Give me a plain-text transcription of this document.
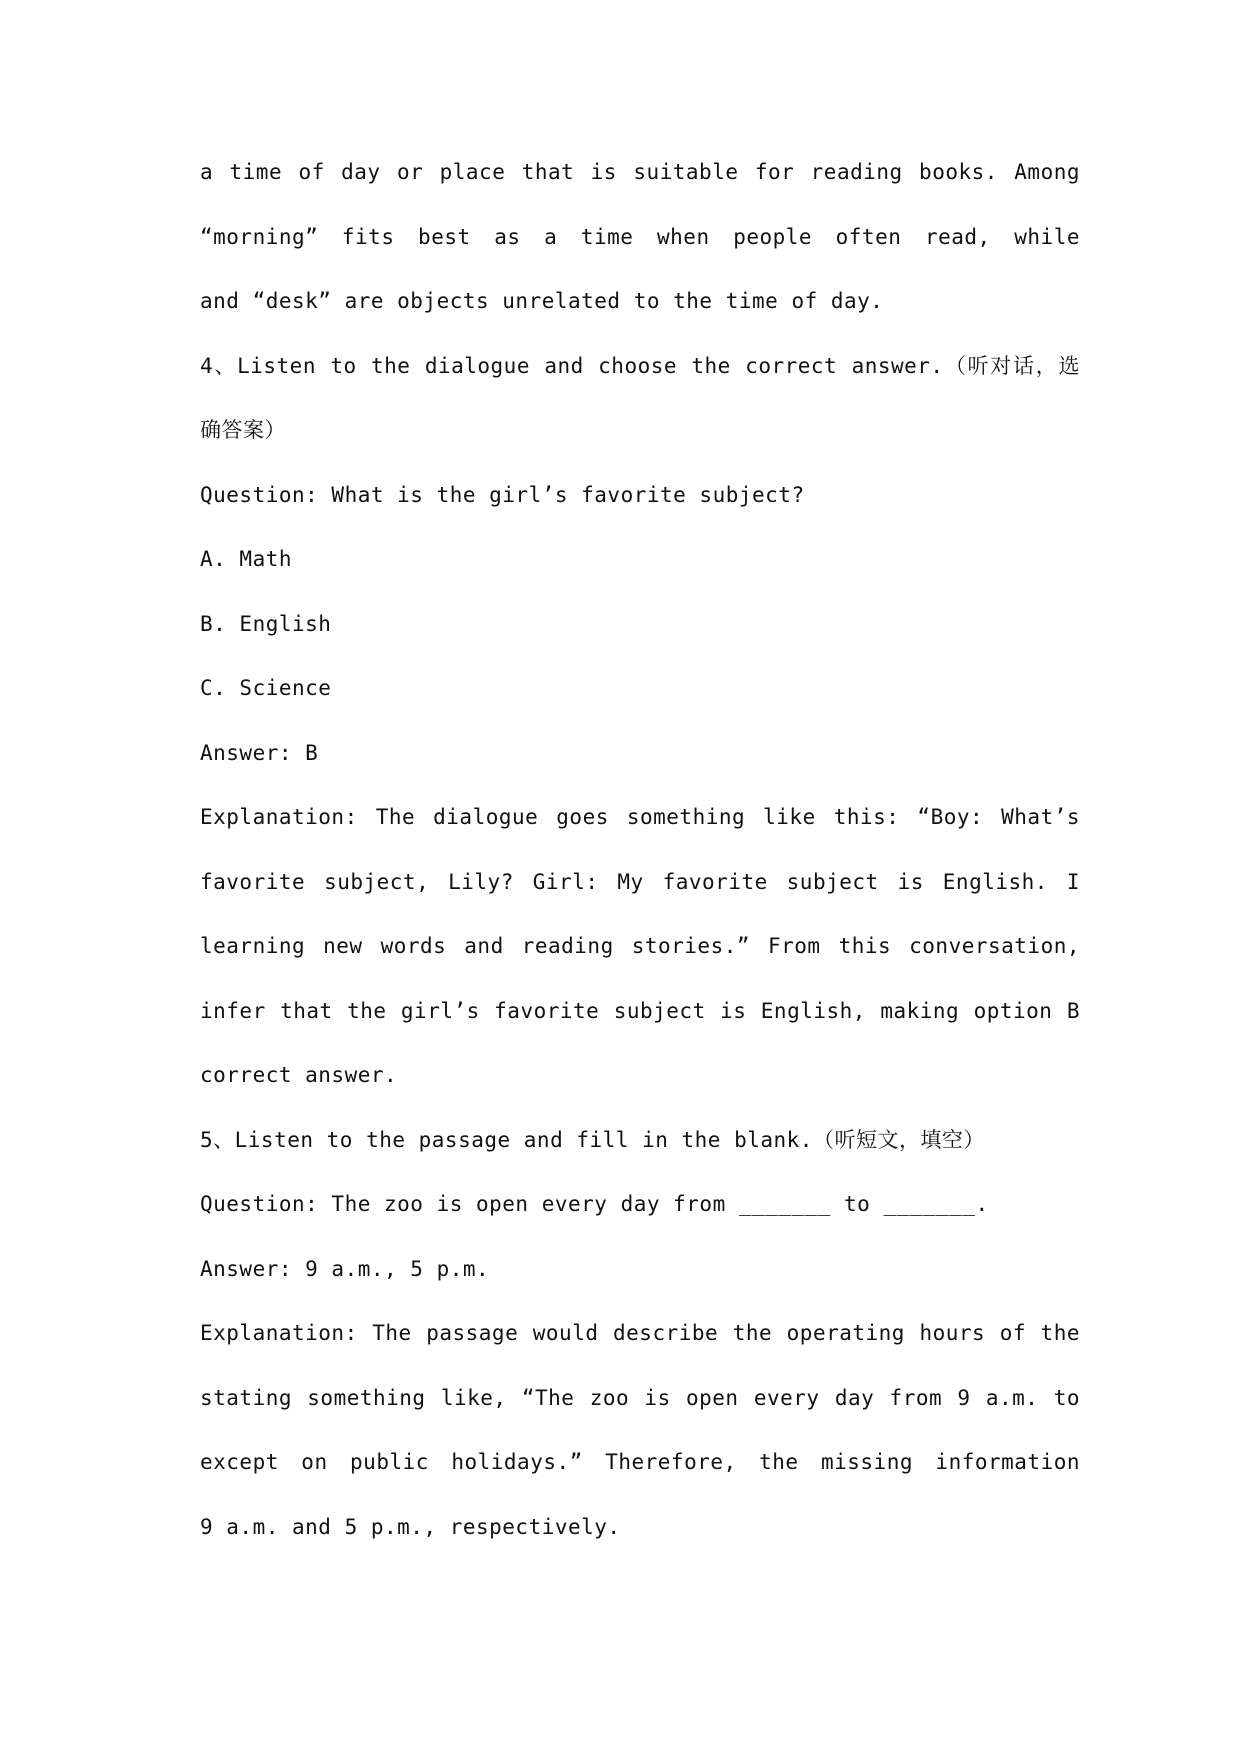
a time of day or place that is suitable for reading books. Among
“morning” fits best as a time when people often read, while
and “desk” are objects unrelated to the time of day.
4、Listen to the dialogue and choose the correct answer.（听对话，选
确答案）
Question: What is the girl’s favorite subject?
A. Math
B. English
C. Science
Answer: B
Explanation: The dialogue goes something like this: “Boy: What’s
favorite subject, Lily? Girl: My favorite subject is English. I
learning new words and reading stories.” From this conversation,
infer that the girl’s favorite subject is English, making option B
correct answer.
5、Listen to the passage and fill in the blank.（听短文，填空）
Question: The zoo is open every day from _______ to _______.
Answer: 9 a.m., 5 p.m.
Explanation: The passage would describe the operating hours of the
stating something like, “The zoo is open every day from 9 a.m. to
except on public holidays.” Therefore, the missing information
9 a.m. and 5 p.m., respectively.
